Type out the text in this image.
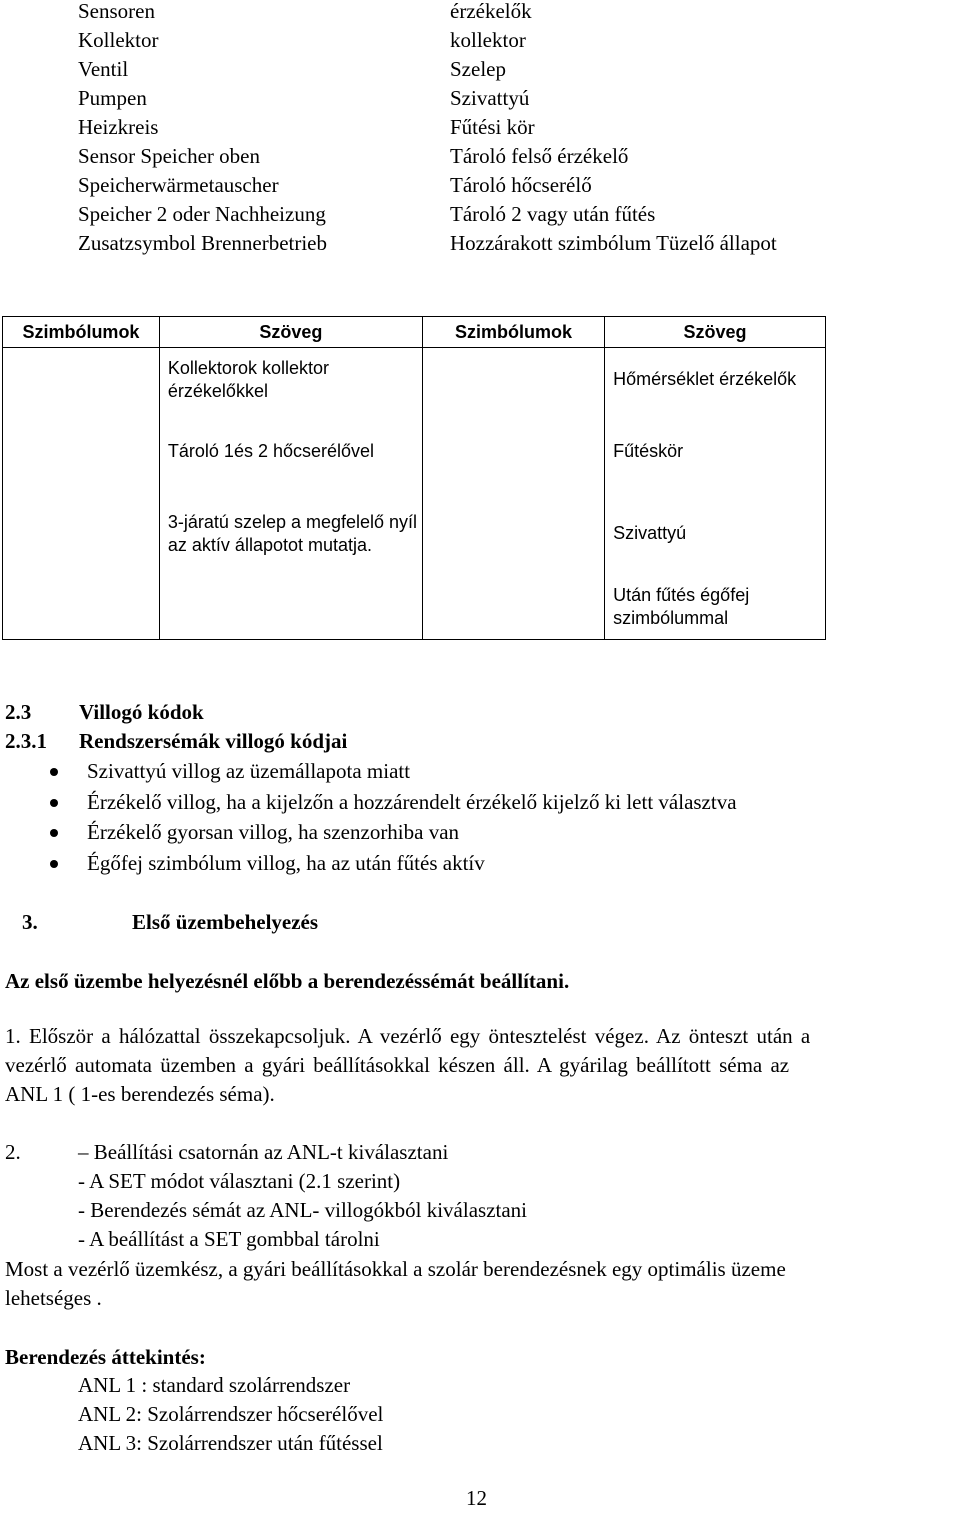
Sensoren	érzékelők
Kollektor	kollektor
Ventil	Szelep
Pumpen	Szivattyú
Heizkreis	Fűtési kör
Sensor Speicher oben	Tároló felső érzékelő
Speicherwärmetauscher	Tároló hőcserélő
Speicher 2 oder Nachheizung	Tároló 2 vagy után fűtés
Zusatzsymbol Brennerbetrieb	Hozzárakott szimbólum Tüzelő állapot
Szimbólumok	Szöveg	Szimbólumok	Szöveg
	Kollektorok kollektor érzékelőkkel		Hőmérséklet érzékelők
	Tároló 1és 2 hőcserélővel		Fűtéskör
	3-járatú szelep a megfelelő nyíl az aktív állapotot mutatja.		Szivattyú
			Után fűtés égőfej szimbólummal
2.3 Villogó kódok
2.3.1 Rendszersémák villogó kódjai
Szivattyú villog az üzemállapota miatt
Érzékelő villog, ha a kijelzőn a hozzárendelt érzékelő kijelző ki lett választva
Érzékelő gyorsan villog, ha szenzorhiba van
Égőfej szimbólum villog, ha az után fűtés aktív
3.	Első üzembehelyezés
Az első üzembe helyezésnél előbb a berendezéssémát beállítani.
1. Először a hálózattal összekapcsoljuk. A vezérlő egy öntesztelést végez. Az önteszt után a
vezérlő automata üzemben a gyári beállításokkal készen áll. A gyárilag beállított séma az
ANL 1 ( 1-es berendezés séma).
2.	– Beállítási csatornán az ANL-t kiválasztani
- A SET módot választani (2.1 szerint)
- Berendezés sémát az ANL- villogókból kiválasztani
- A beállítást a SET gombbal tárolni
Most a vezérlő üzemkész, a gyári beállításokkal a szolár berendezésnek egy optimális üzeme
lehetséges .
Berendezés áttekintés:
ANL 1 : standard szolárrendszer
ANL 2: Szolárrendszer hőcserélővel
ANL 3: Szolárrendszer után fűtéssel
12
